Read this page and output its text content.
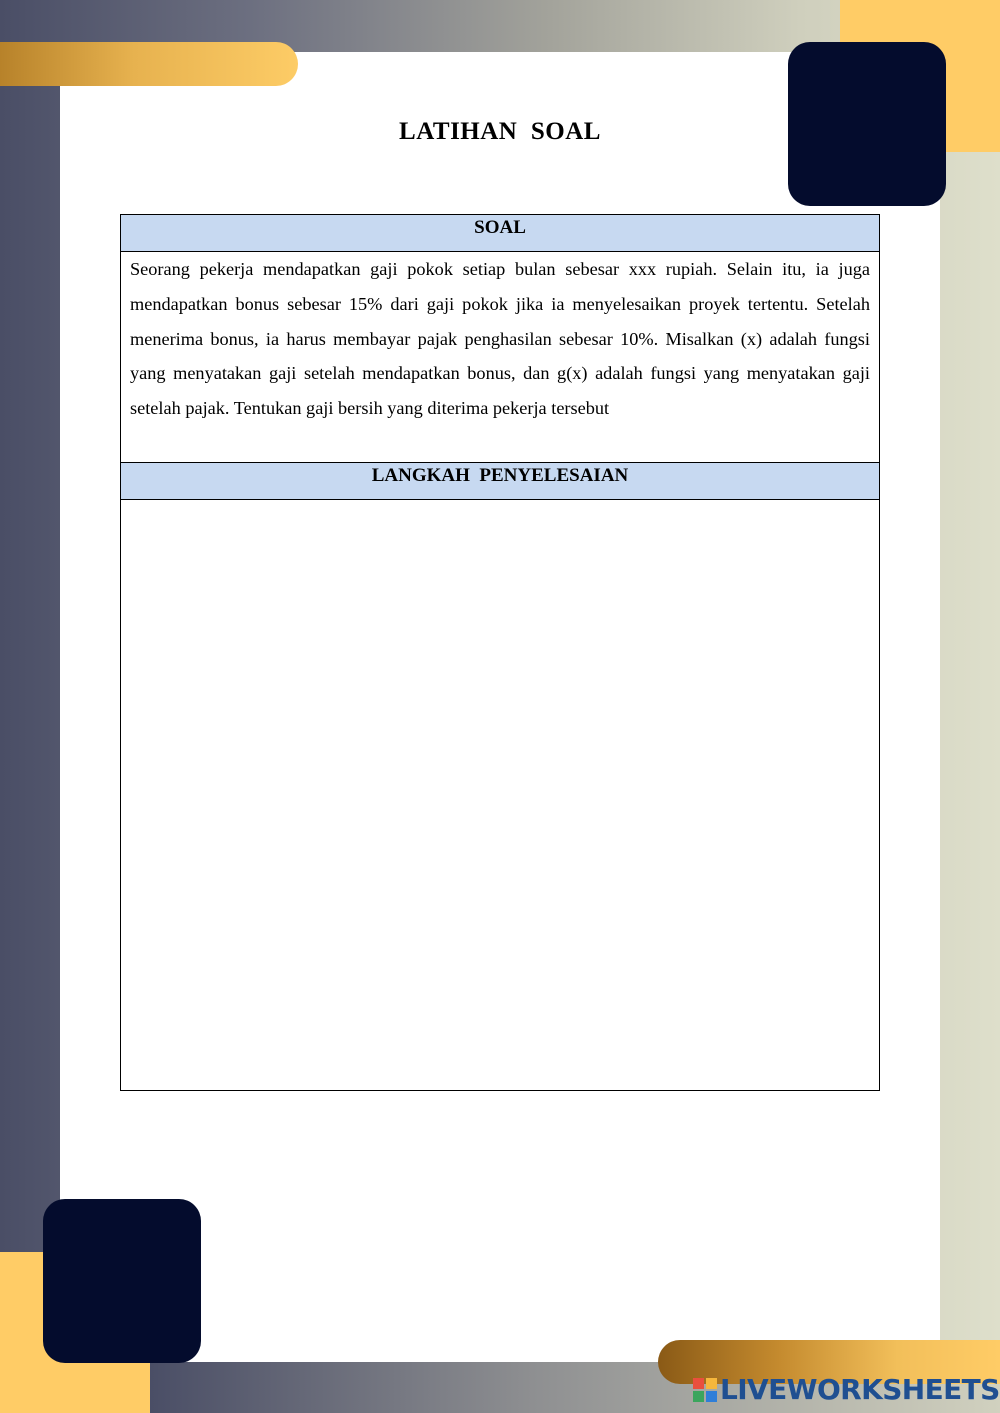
LATIHAN  SOAL
SOAL

Seorang pekerja mendapatkan gaji pokok setiap bulan sebesar xxx rupiah. Selain itu, ia juga mendapatkan bonus sebesar 15% dari gaji pokok jika ia menyelesaikan proyek tertentu. Setelah menerima bonus, ia harus membayar pajak penghasilan sebesar 10%. Misalkan (x) adalah fungsi yang menyatakan gaji setelah mendapatkan bonus, dan g(x) adalah fungsi yang menyatakan gaji setelah pajak. Tentukan gaji bersih yang diterima pekerja tersebut

LANGKAH  PENYELESAIAN

LIVEWORKSHEETS
